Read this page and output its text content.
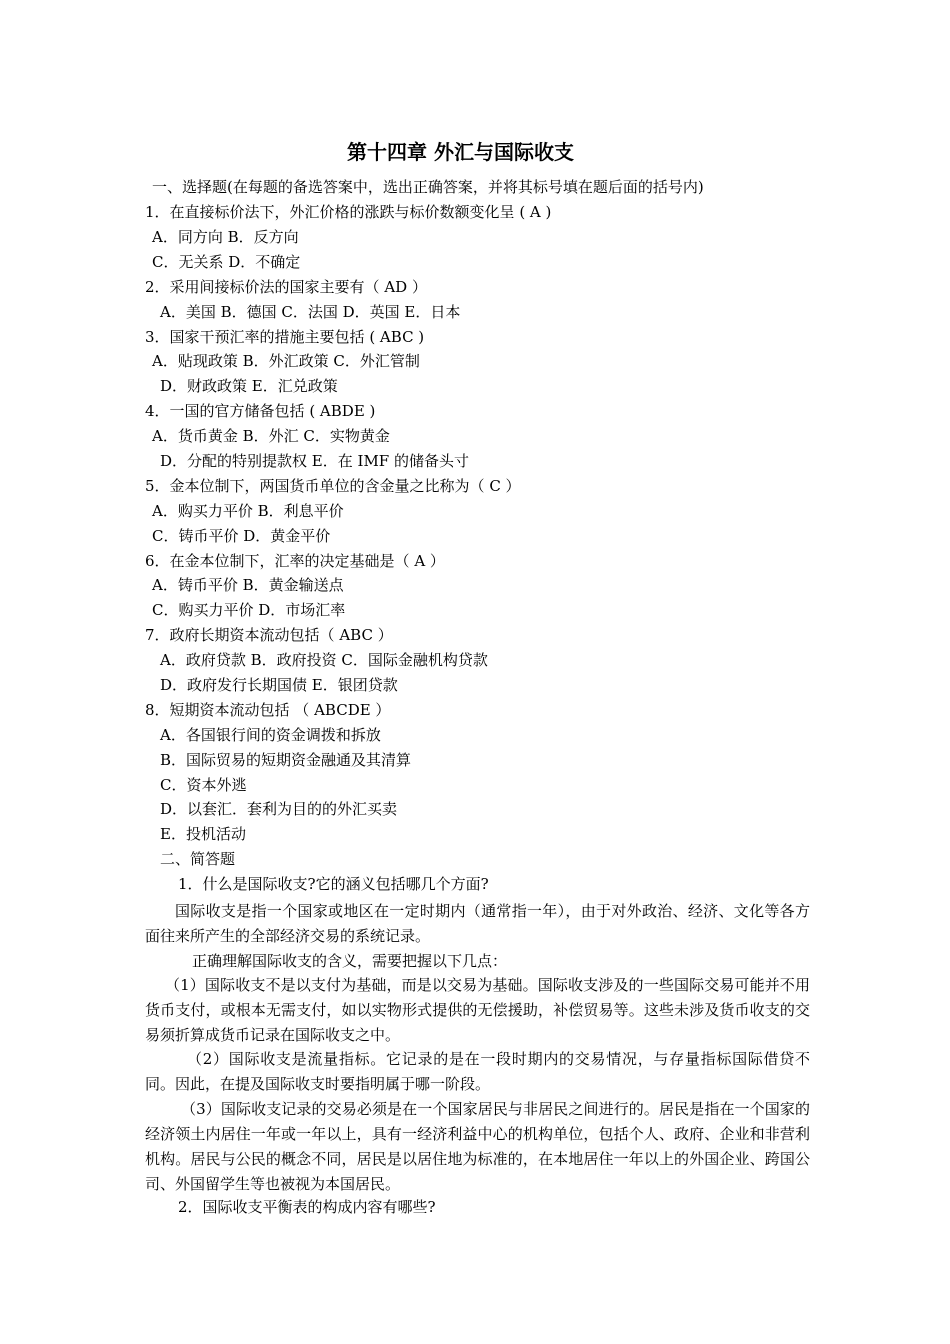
第十四章 外汇与国际收支
一、选择题(在每题的备选答案中，选出正确答案，并将其标号填在题后面的括号内)
1．在直接标价法下，外汇价格的涨跌与标价数额变化呈 ( A )
A．同方向 B．反方向
C．无关系 D．不确定
2．采用间接标价法的国家主要有（ AD ）
A．美国 B．德国 C．法国 D．英国 E．日本
3．国家干预汇率的措施主要包括 ( ABC )
A．贴现政策 B．外汇政策 C．外汇管制
D．财政政策 E．汇兑政策
4．一国的官方储备包括 ( ABDE )
A．货币黄金 B．外汇 C．实物黄金
D．分配的特别提款权 E．在 IMF 的储备头寸
5．金本位制下，两国货币单位的含金量之比称为（ C ）
A．购买力平价 B．利息平价
C．铸币平价 D．黄金平价
6．在金本位制下，汇率的决定基础是（ A ）
A．铸币平价 B．黄金输送点
C．购买力平价 D．市场汇率
7．政府长期资本流动包括（ ABC ）
A．政府贷款 B．政府投资 C．国际金融机构贷款
D．政府发行长期国债 E．银团贷款
8．短期资本流动包括 （ ABCDE ）
A．各国银行间的资金调拨和拆放
B．国际贸易的短期资金融通及其清算
C．资本外逃
D．以套汇．套利为目的的外汇买卖
E．投机活动
二、简答题
1．什么是国际收支?它的涵义包括哪几个方面?
国际收支是指一个国家或地区在一定时期内（通常指一年），由于对外政治、经济、文化等各方面往来所产生的全部经济交易的系统记录。
正确理解国际收支的含义，需要把握以下几点：
（1）国际收支不是以支付为基础，而是以交易为基础。国际收支涉及的一些国际交易可能并不用货币支付，或根本无需支付，如以实物形式提供的无偿援助，补偿贸易等。这些未涉及货币收支的交易须折算成货币记录在国际收支之中。
（2）国际收支是流量指标。它记录的是在一段时期内的交易情况，与存量指标国际借贷不同。因此，在提及国际收支时要指明属于哪一阶段。
（3）国际收支记录的交易必须是在一个国家居民与非居民之间进行的。居民是指在一个国家的经济领土内居住一年或一年以上，具有一经济利益中心的机构单位，包括个人、政府、企业和非营利机构。居民与公民的概念不同，居民是以居住地为标准的，在本地居住一年以上的外国企业、跨国公司、外国留学生等也被视为本国居民。
2．国际收支平衡表的构成内容有哪些?
